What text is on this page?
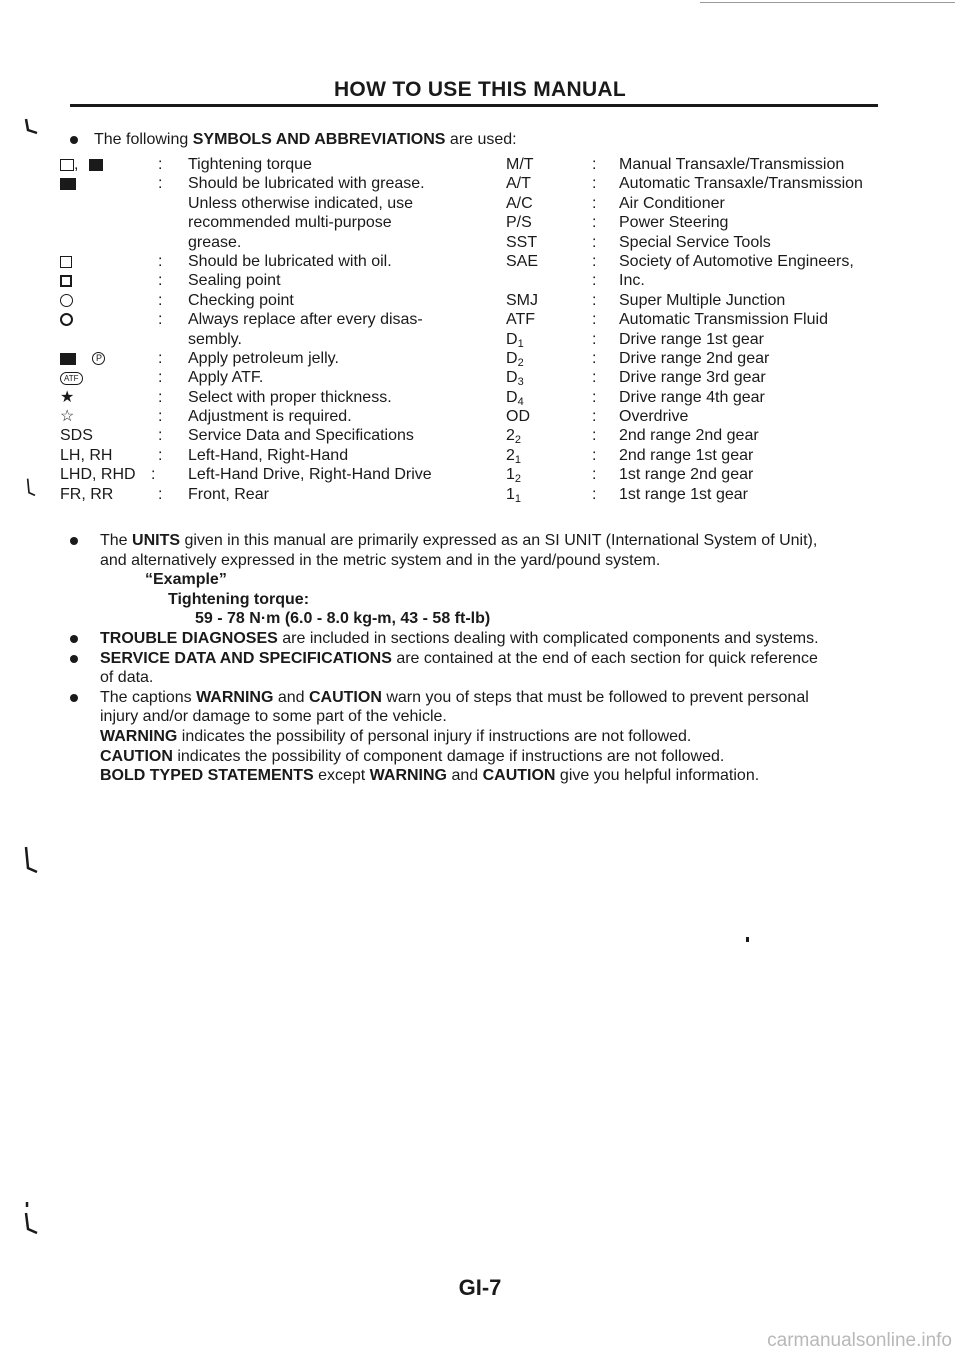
HOW TO USE THIS MANUAL
The following SYMBOLS AND ABBREVIATIONS are used:
,	: Tightening torque
: Should be lubricated with grease.
Unless otherwise indicated, use
recommended multi-purpose
grease.
: Should be lubricated with oil.
: Sealing point
: Checking point
: Always replace after every disas-
sembly.
P	: Apply petroleum jelly.
ATF	: Apply ATF.
★	: Select with proper thickness.
☆	: Adjustment is required.
SDS	: Service Data and Specifications
LH, RH	: Left-Hand, Right-Hand
LHD, RHD : Left-Hand Drive, Right-Hand Drive
FR, RR	: Front, Rear
M/T	: Manual Transaxle/Transmission
A/T	: Automatic Transaxle/Transmission
A/C	: Air Conditioner
P/S	: Power Steering
SST	: Special Service Tools
SAE	: Society of Automotive Engineers,
: Inc.
SMJ	: Super Multiple Junction
ATF	: Automatic Transmission Fluid
$D_1$	: Drive range 1st gear
$D_2$	: Drive range 2nd gear
$D_3$	: Drive range 3rd gear
$D_4$	: Drive range 4th gear
OD	: Overdrive
$2_2$	: 2nd range 2nd gear
$2_1$	: 2nd range 1st gear
$1_2$	: 1st range 2nd gear
$1_1$	: 1st range 1st gear
The UNITS given in this manual are primarily expressed as an SI UNIT (International System of Unit),
and alternatively expressed in the metric system and in the yard/pound system.
“Example”
Tightening torque:
59 - 78 N·m (6.0 - 8.0 kg-m, 43 - 58 ft-lb)
TROUBLE DIAGNOSES are included in sections dealing with complicated components and systems.
SERVICE DATA AND SPECIFICATIONS are contained at the end of each section for quick reference
of data.
The captions WARNING and CAUTION warn you of steps that must be followed to prevent personal
injury and/or damage to some part of the vehicle.
WARNING indicates the possibility of personal injury if instructions are not followed.
CAUTION indicates the possibility of component damage if instructions are not followed.
BOLD TYPED STATEMENTS except WARNING and CAUTION give you helpful information.
GI-7
carmanualsonline.info
